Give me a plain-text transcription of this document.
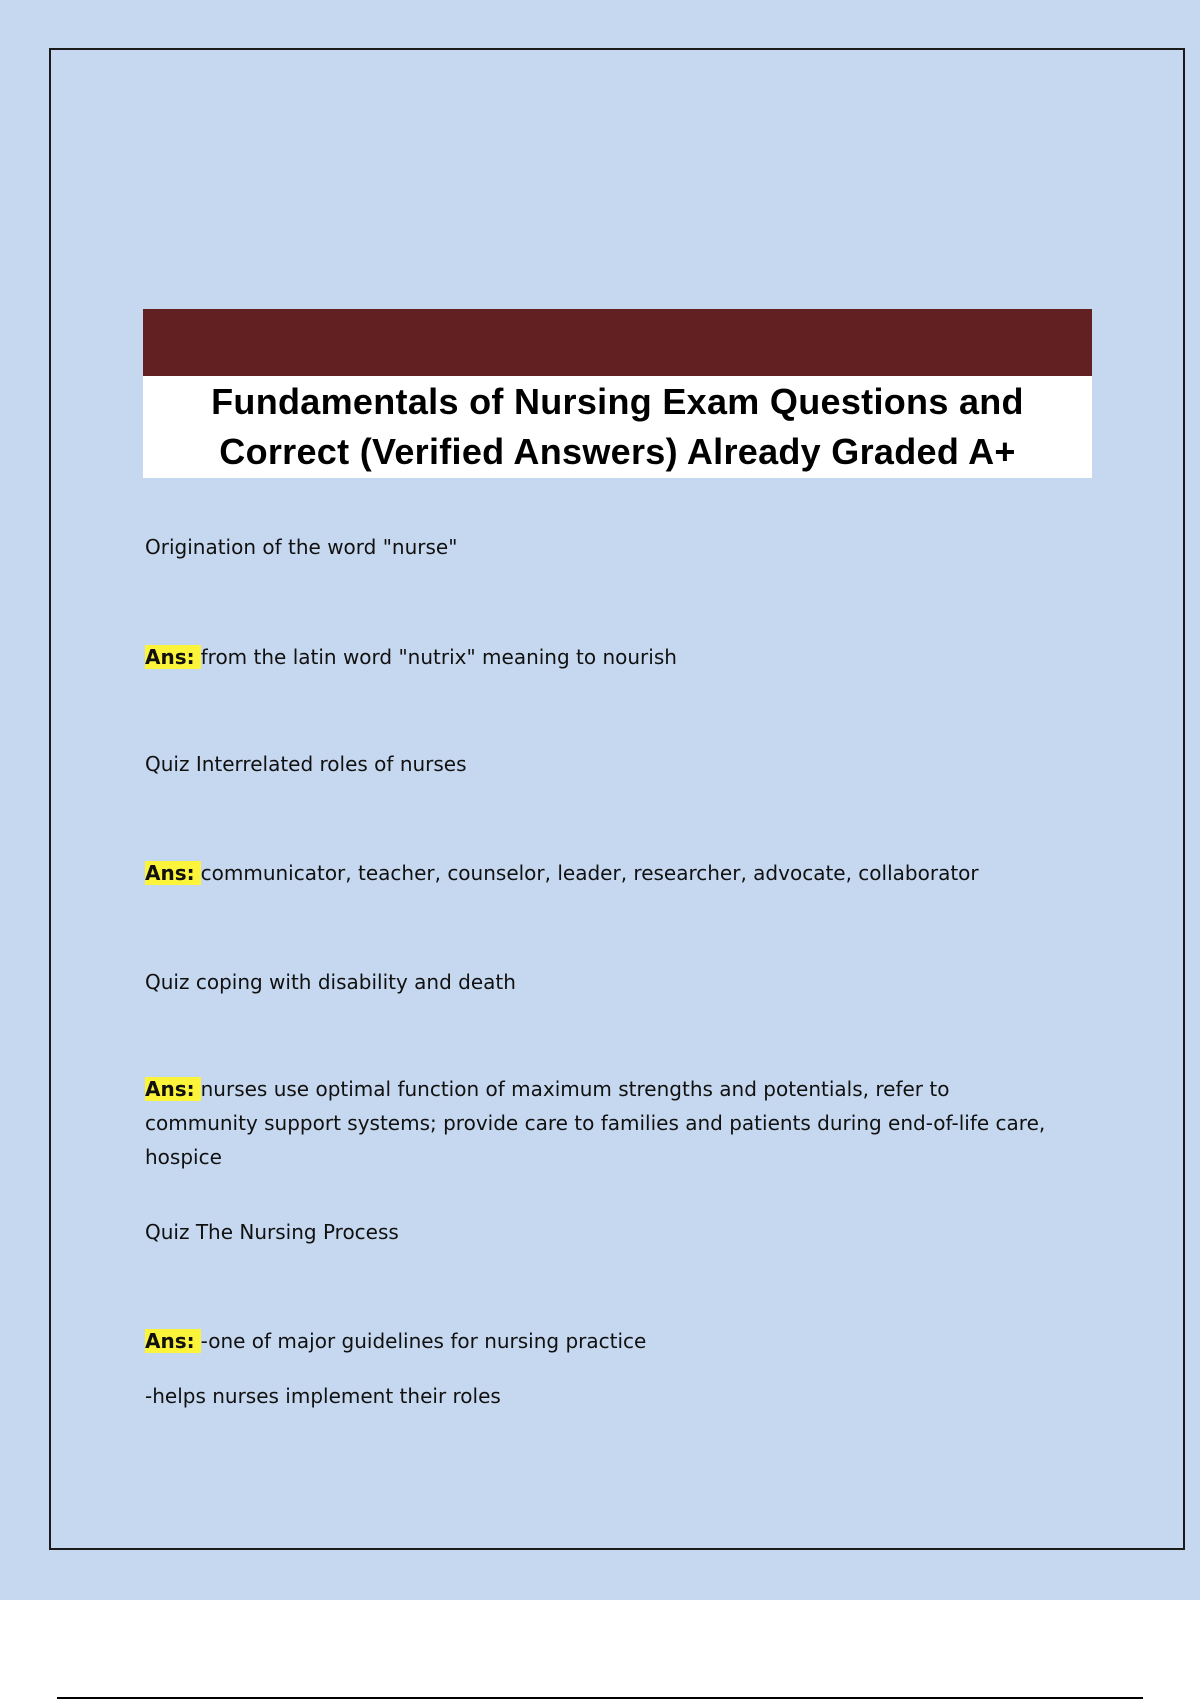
Fundamentals of Nursing Exam Questions and Correct (Verified Answers) Already Graded A+

Origination of the word "nurse"

Ans: from the latin word "nutrix" meaning to nourish

Quiz Interrelated roles of nurses

Ans: communicator, teacher, counselor, leader, researcher, advocate, collaborator

Quiz coping with disability and death

Ans: nurses use optimal function of maximum strengths and potentials, refer to community support systems; provide care to families and patients during end-of-life care, hospice

Quiz The Nursing Process

Ans: -one of major guidelines for nursing practice

-helps nurses implement their roles
